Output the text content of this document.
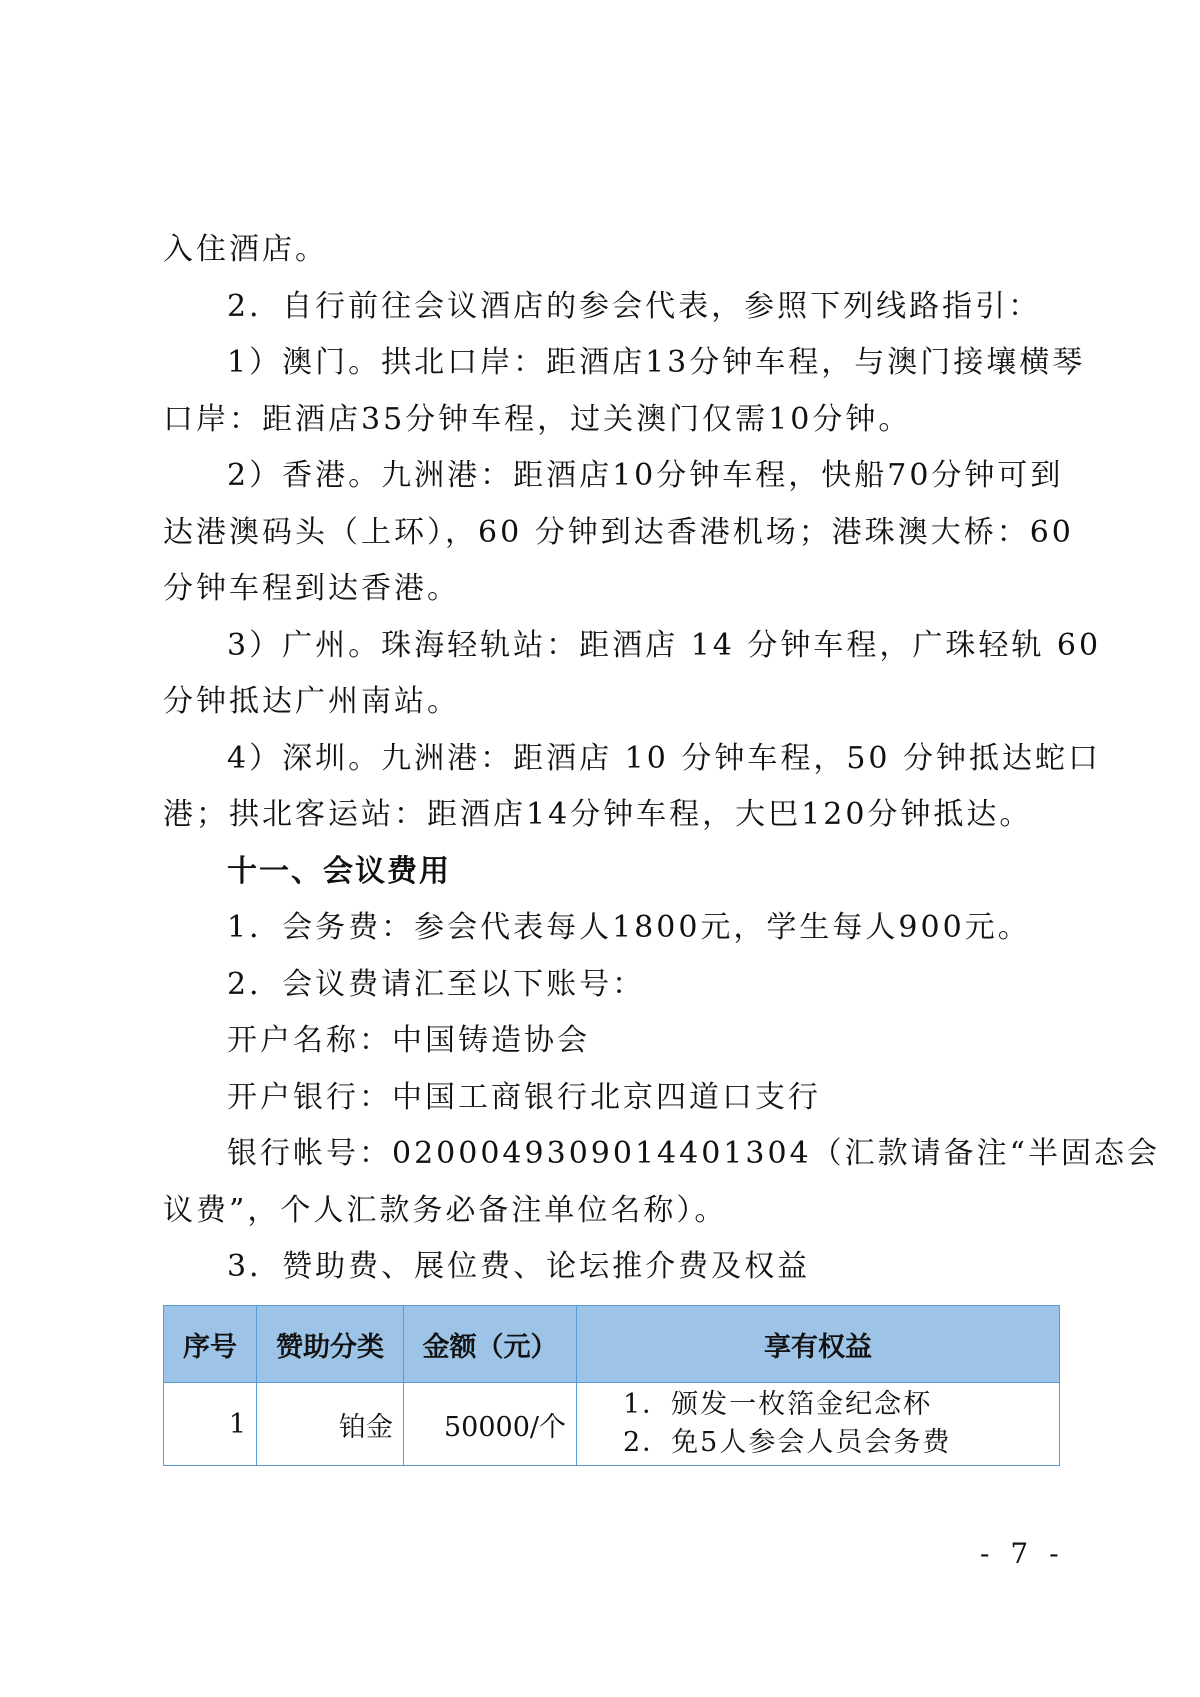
入住酒店。
2．自行前往会议酒店的参会代表，参照下列线路指引：
1）澳门。拱北口岸：距酒店13分钟车程，与澳门接壤横琴
口岸：距酒店35分钟车程，过关澳门仅需10分钟。
2）香港。九洲港：距酒店10分钟车程，快船70分钟可到
达港澳码头（上环），60 分钟到达香港机场；港珠澳大桥：60
分钟车程到达香港。
3）广州。珠海轻轨站：距酒店 14 分钟车程，广珠轻轨 60
分钟抵达广州南站。
4）深圳。九洲港：距酒店 10 分钟车程，50 分钟抵达蛇口
港；拱北客运站：距酒店14分钟车程，大巴120分钟抵达。
十一、会议费用
1．会务费：参会代表每人1800元，学生每人900元。
2．会议费请汇至以下账号：
开户名称：中国铸造协会
开户银行：中国工商银行北京四道口支行
银行帐号：0200049309014401304（汇款请备注“半固态会
议费”，个人汇款务必备注单位名称）。
3．赞助费、展位费、论坛推介费及权益
序号	赞助分类	金额（元）	享有权益
1	铂金	50000/个	1．颁发一枚箔金纪念杯
2．免5人参会人员会务费
- 7 -
